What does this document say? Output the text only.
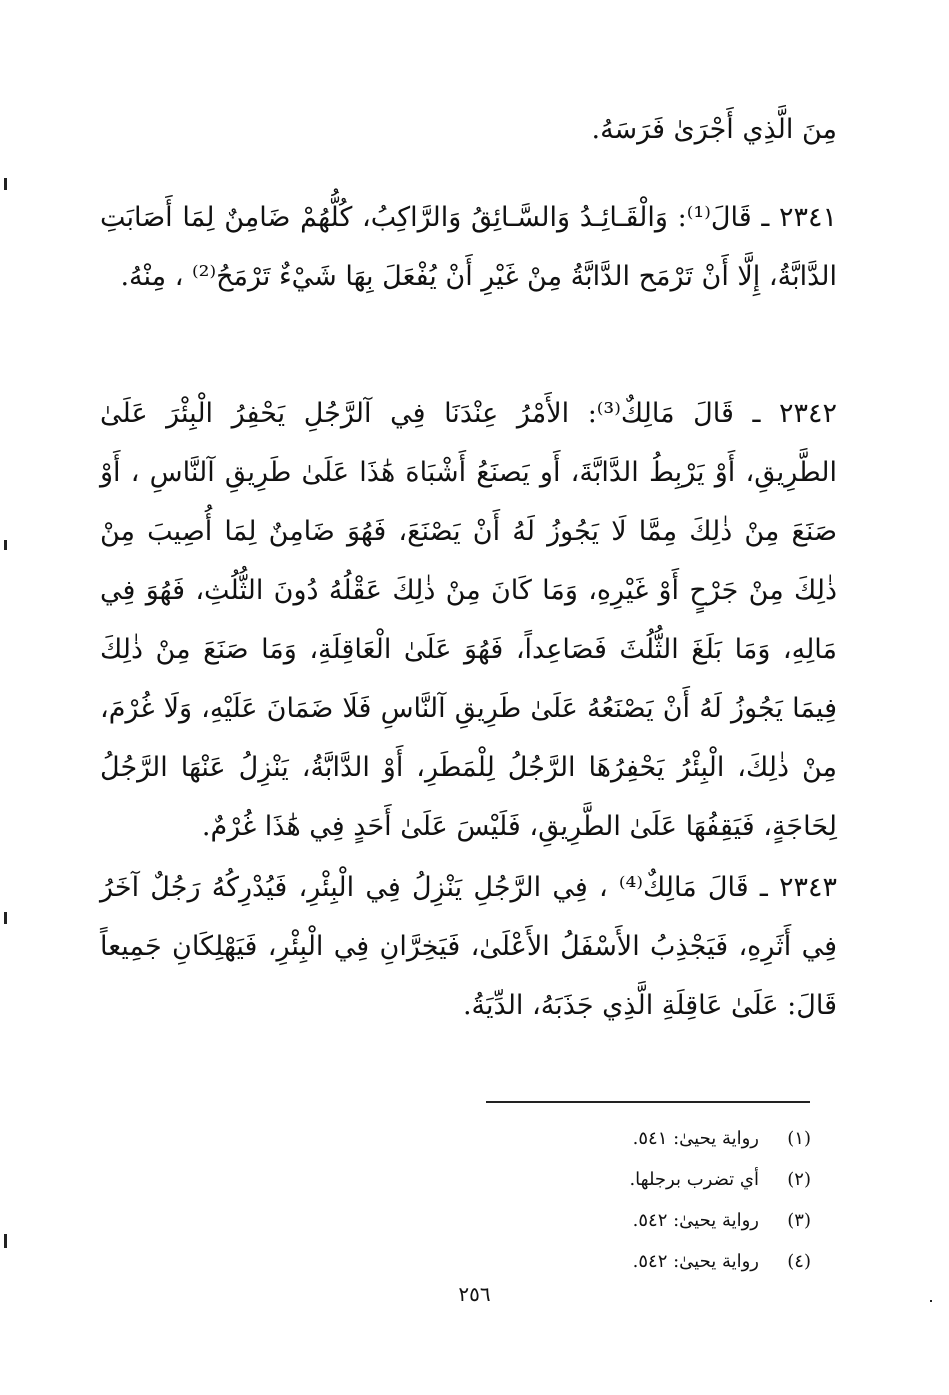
مِنَ الَّذِي أَجْرَىٰ فَرَسَهُ.

٢٣٤١ ـ قَالَ⁽¹⁾: وَالْقَـائِـدُ وَالسَّـائِقُ وَالرَّاكِبُ، كُلُّهُمْ ضَامِنٌ لِمَا أَصَابَتِ الدَّابَّةُ، إِلَّا أَنْ تَرْمَح الدَّابَّةُ مِنْ غَيْرِ أَنْ يُفْعَلَ بِهَا شَيْءٌ تَرْمَحُ⁽²⁾ ، مِنْهُ.

٢٣٤٢ ـ قَالَ مَالِكٌ⁽³⁾: الأَمْرُ عِنْدَنَا فِي آلرَّجُلِ يَحْفِرُ الْبِئْرَ عَلَىٰ الطَّرِيقِ، أَوْ يَرْبِطُ الدَّابَّةَ، أَو يَصنَعُ أَشْبَاهَ هَٰذَا عَلَىٰ طَرِيقِ آلنَّاسِ ، أَوْ صَنَعَ مِنْ ذٰلِكَ مِمَّا لَا يَجُوزُ لَهُ أَنْ يَصْنَعَ، فَهُوَ ضَامِنٌ لِمَا أُصِيبَ مِنْ ذٰلِكَ مِنْ جَرْحٍ أَوْ غَيْرِهِ، وَمَا كَانَ مِنْ ذٰلِكَ عَقْلُهُ دُونَ الثُّلُثِ، فَهُوَ فِي مَالِهِ، وَمَا بَلَغَ الثُّلُثَ فَصَاعِداً، فَهُوَ عَلَىٰ الْعَاقِلَةِ، وَمَا صَنَعَ مِنْ ذٰلِكَ فِيمَا يَجُوزُ لَهُ أَنْ يَصْنَعُهُ عَلَىٰ طَرِيقِ آلنَّاسِ فَلَا ضَمَانَ عَلَيْهِ، وَلَا غُرْمَ، مِنْ ذٰلِكَ، الْبِئْرُ يَحْفِرُهَا الرَّجُلُ لِلْمَطَرِ، أَوْ الدَّابَّةُ، يَنْزِلُ عَنْهَا الرَّجُلُ لِحَاجَةٍ، فَيَقِفُهَا عَلَىٰ الطَّرِيقِ، فَلَيْسَ عَلَىٰ أَحَدٍ فِي هَٰذَا غُرْمٌ.

٢٣٤٣ ـ قَالَ مَالِكٌ⁽⁴⁾ ، فِي الرَّجُلِ يَنْزِلُ فِي الْبِئْرِ، فَيُدْرِكُهُ رَجُلٌ آخَرُ فِي أَثَرِهِ، فَيَجْذِبُ الأَسْفَلُ الأَعْلَىٰ، فَيَخِرَّانِ فِي الْبِئْرِ، فَيَهْلِكَانِ جَمِيعاً قَالَ: عَلَىٰ عَاقِلَةِ الَّذِي جَذَبَهُ، الدِّيَةُ.

(١)رواية يحيىٰ: ٥٤١.
(٢)أي تضرب برجلها.
(٣)رواية يحيىٰ: ٥٤٢.
(٤)رواية يحيىٰ: ٥٤٢.
٢٥٦
